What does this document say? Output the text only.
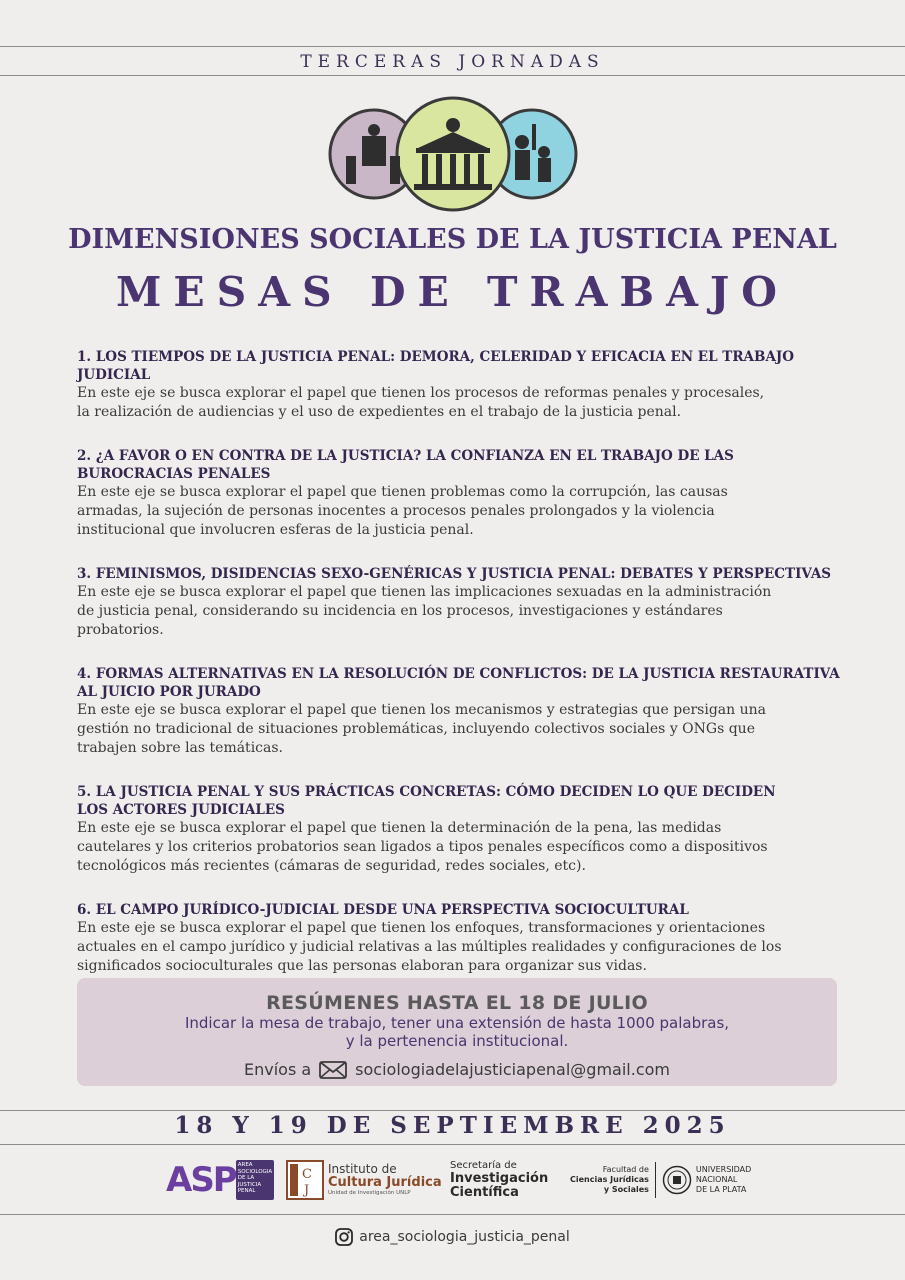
TERCERAS JORNADAS
DIMENSIONES SOCIALES DE LA JUSTICIA PENAL
MESAS DE TRABAJO

1. LOS TIEMPOS DE LA JUSTICIA PENAL: DEMORA, CELERIDAD Y EFICACIA EN EL TRABAJO JUDICIAL

En este eje se busca explorar el papel que tienen los procesos de reformas penales y procesales,
la realización de audiencias y el uso de expedientes en el trabajo de la justicia penal.

2. ¿A FAVOR O EN CONTRA DE LA JUSTICIA? LA CONFIANZA EN EL TRABAJO DE LAS
BUROCRACIAS PENALES

En este eje se busca explorar el papel que tienen problemas como la corrupción, las causas
armadas, la sujeción de personas inocentes a procesos penales prolongados y la violencia
institucional que involucren esferas de la justicia penal.

3. FEMINISMOS, DISIDENCIAS SEXO-GENÉRICAS Y JUSTICIA PENAL: DEBATES Y PERSPECTIVAS

En este eje se busca explorar el papel que tienen las implicaciones sexuadas en la administración
de justicia penal, considerando su incidencia en los procesos, investigaciones y estándares
probatorios.

4. FORMAS ALTERNATIVAS EN LA RESOLUCIÓN DE CONFLICTOS: DE LA JUSTICIA RESTAURATIVA
AL JUICIO POR JURADO

En este eje se busca explorar el papel que tienen los mecanismos y estrategias que persigan una
gestión no tradicional de situaciones problemáticas, incluyendo colectivos sociales y ONGs que
trabajen sobre las temáticas.

5. LA JUSTICIA PENAL Y SUS PRÁCTICAS CONCRETAS: CÓMO DECIDEN LO QUE DECIDEN
LOS ACTORES JUDICIALES

En este eje se busca explorar el papel que tienen la determinación de la pena, las medidas
cautelares y los criterios probatorios sean ligados a tipos penales específicos como a dispositivos
tecnológicos más recientes (cámaras de seguridad, redes sociales, etc).

6. EL CAMPO JURÍDICO-JUDICIAL DESDE UNA PERSPECTIVA SOCIOCULTURAL

En este eje se busca explorar el papel que tienen los enfoques, transformaciones y orientaciones
actuales en el campo jurídico y judicial relativas a las múltiples realidades y configuraciones de los
significados socioculturales que las personas elaboran para organizar sus vidas.

RESÚMENES HASTA EL 18 DE JULIO
Indicar la mesa de trabajo, tener una extensión de hasta 1000 palabras,
y la pertenencia institucional.
Envíos a	sociologiadelajusticiapenal@gmail.com
18 Y 19 DE SEPTIEMBRE 2025
ASP AREA SOCIOLOGIA DE LA JUSTICIA PENAL
C
J
Instituto de
Cultura Jurídica
Unidad de Investigación UNLP
Secretaría de
Investigación
Científica
Facultad de
Ciencias Jurídicas
y Sociales
UNIVERSIDAD
NACIONAL
DE LA PLATA
area_sociologia_justicia_penal
